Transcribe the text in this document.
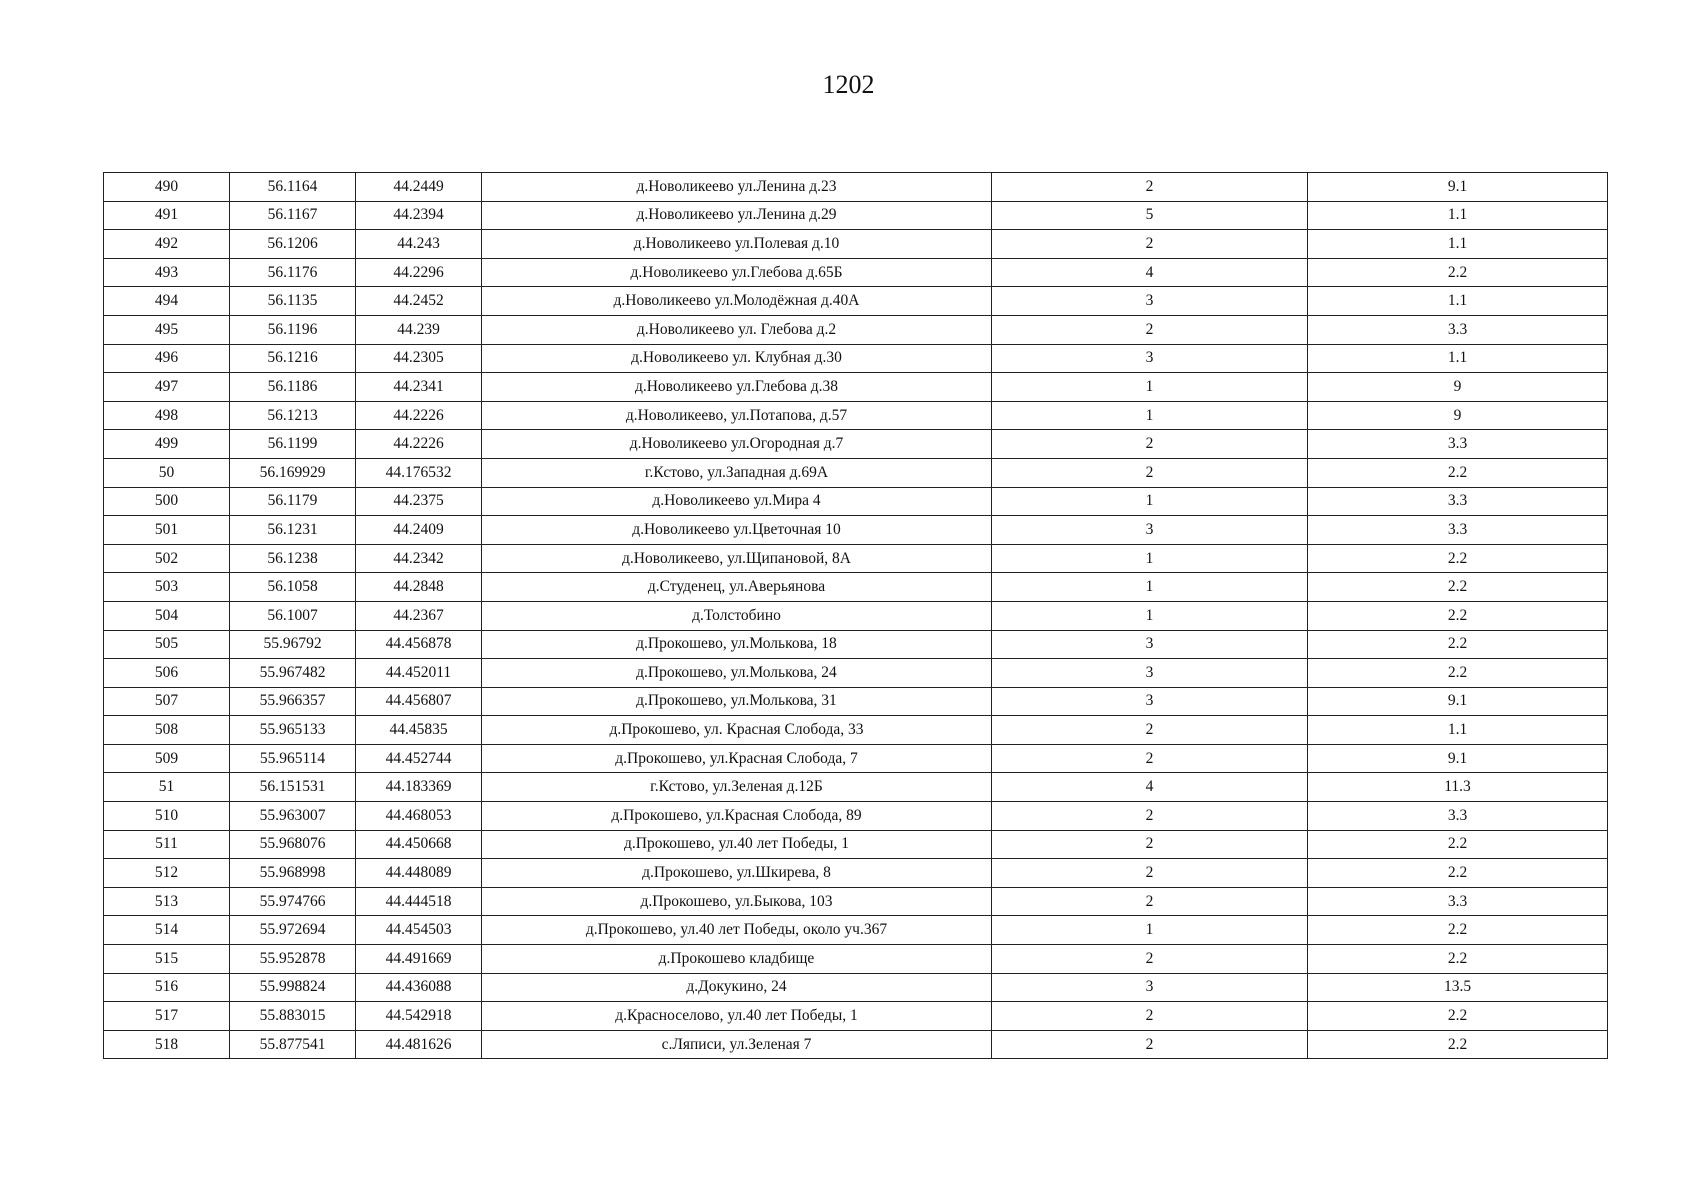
1202
490	56.1164	44.2449	д.Новоликеево ул.Ленина д.23	2	9.1
491	56.1167	44.2394	д.Новоликеево ул.Ленина д.29	5	1.1
492	56.1206	44.243	д.Новоликеево ул.Полевая д.10	2	1.1
493	56.1176	44.2296	д.Новоликеево ул.Глебова д.65Б	4	2.2
494	56.1135	44.2452	д.Новоликеево ул.Молодёжная д.40А	3	1.1
495	56.1196	44.239	д.Новоликеево ул. Глебова д.2	2	3.3
496	56.1216	44.2305	д.Новоликеево ул. Клубная д.30	3	1.1
497	56.1186	44.2341	д.Новоликеево ул.Глебова д.38	1	9
498	56.1213	44.2226	д.Новоликеево, ул.Потапова, д.57	1	9
499	56.1199	44.2226	д.Новоликеево ул.Огородная д.7	2	3.3
50	56.169929	44.176532	г.Кстово, ул.Западная д.69А	2	2.2
500	56.1179	44.2375	д.Новоликеево ул.Мира 4	1	3.3
501	56.1231	44.2409	д.Новоликеево ул.Цветочная 10	3	3.3
502	56.1238	44.2342	д.Новоликеево, ул.Щипановой, 8А	1	2.2
503	56.1058	44.2848	д.Студенец, ул.Аверьянова	1	2.2
504	56.1007	44.2367	д.Толстобино	1	2.2
505	55.96792	44.456878	д.Прокошево, ул.Молькова, 18	3	2.2
506	55.967482	44.452011	д.Прокошево, ул.Молькова, 24	3	2.2
507	55.966357	44.456807	д.Прокошево, ул.Молькова, 31	3	9.1
508	55.965133	44.45835	д.Прокошево, ул. Красная Слобода, 33	2	1.1
509	55.965114	44.452744	д.Прокошево, ул.Красная Слобода, 7	2	9.1
51	56.151531	44.183369	г.Кстово, ул.Зеленая д.12Б	4	11.3
510	55.963007	44.468053	д.Прокошево, ул.Красная Слобода, 89	2	3.3
511	55.968076	44.450668	д.Прокошево, ул.40 лет Победы, 1	2	2.2
512	55.968998	44.448089	д.Прокошево, ул.Шкирева, 8	2	2.2
513	55.974766	44.444518	д.Прокошево, ул.Быкова, 103	2	3.3
514	55.972694	44.454503	д.Прокошево, ул.40 лет Победы, около уч.367	1	2.2
515	55.952878	44.491669	д.Прокошево кладбище	2	2.2
516	55.998824	44.436088	д.Докукино, 24	3	13.5
517	55.883015	44.542918	д.Красноселово, ул.40 лет Победы, 1	2	2.2
518	55.877541	44.481626	с.Ляписи, ул.Зеленая 7	2	2.2
